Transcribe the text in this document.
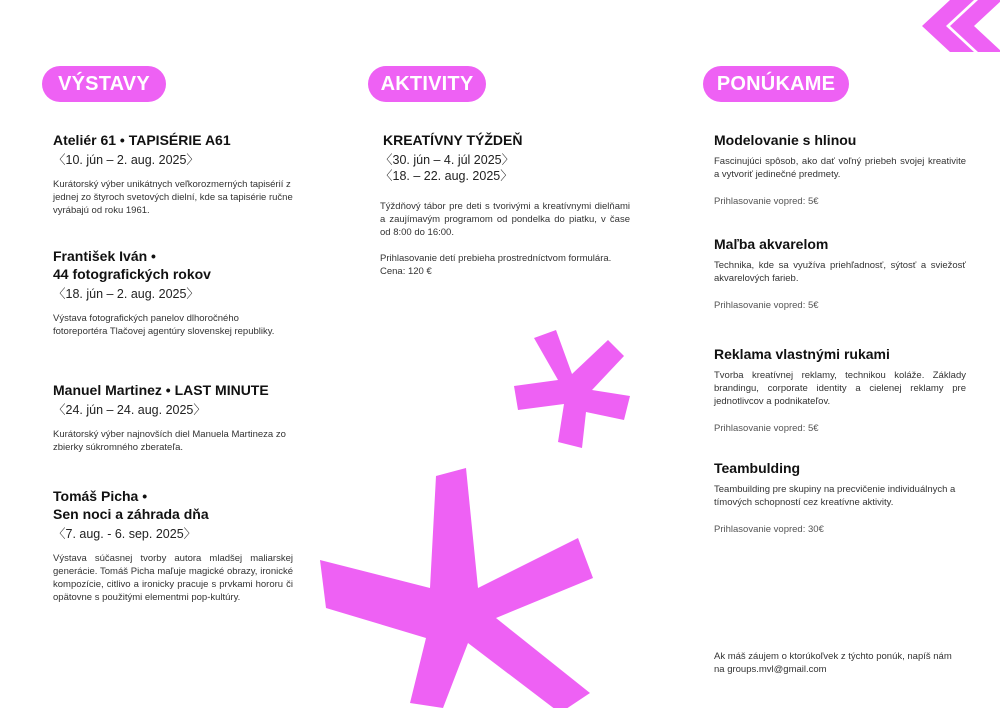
VÝSTAVY	AKTIVITY	PONÚKAME
Ateliér 61 • TAPISÉRIE A61
〈10. jún – 2. aug. 2025〉
Kurátorský výber unikátnych veľkorozmerných tapisérií z jednej zo štyroch svetových dielní, kde sa tapisérie ručne vyrábajú od roku 1961.
František Iván •
44 fotografických rokov
〈18. jún – 2. aug. 2025〉
Výstava fotografických panelov dlhoročného fotoreportéra Tlačovej agentúry slovenskej republiky.
Manuel Martinez • LAST MINUTE
〈24. jún – 24. aug. 2025〉
Kurátorský výber najnovších diel Manuela Martineza zo zbierky súkromného zberateľa.
Tomáš Picha •
Sen noci a záhrada dňa
〈7. aug. - 6. sep. 2025〉
Výstava súčasnej tvorby autora mladšej maliarskej generácie. Tomáš Picha maľuje magické obrazy, ironické kompozície, citlivo a ironicky pracuje s prvkami hororu či opätovne s použitými elementmi pop-kultúry.
KREATÍVNY TÝŽDEŇ
〈30. jún – 4. júl 2025〉
〈18. – 22. aug. 2025〉
Týždňový tábor pre deti s tvorivými a kreatívnymi dielňami a zaujímavým programom od pondelka do piatku, v čase od 8:00 do 16:00.
Prihlasovanie detí prebieha prostredníctvom formulára.
Cena: 120 €
Modelovanie s hlinou
Fascinujúci spôsob, ako dať voľný priebeh svojej kreativite a vytvoriť jedinečné predmety.
Prihlasovanie vopred: 5€
Maľba akvarelom
Technika, kde sa využíva priehľadnosť, sýtosť a sviežosť akvarelových farieb.
Prihlasovanie vopred: 5€
Reklama vlastnými rukami
Tvorba kreatívnej reklamy, technikou koláže. Základy brandingu, corporate identity a cielenej reklamy pre jednotlivcov a podnikateľov.
Prihlasovanie vopred: 5€
Teambulding
Teambuilding pre skupiny na precvičenie individuálnych a tímových schopností cez kreatívne aktivity.
Prihlasovanie vopred: 30€
Ak máš záujem o ktorúkoľvek z týchto ponúk, napíš nám
na groups.mvl@gmail.com
